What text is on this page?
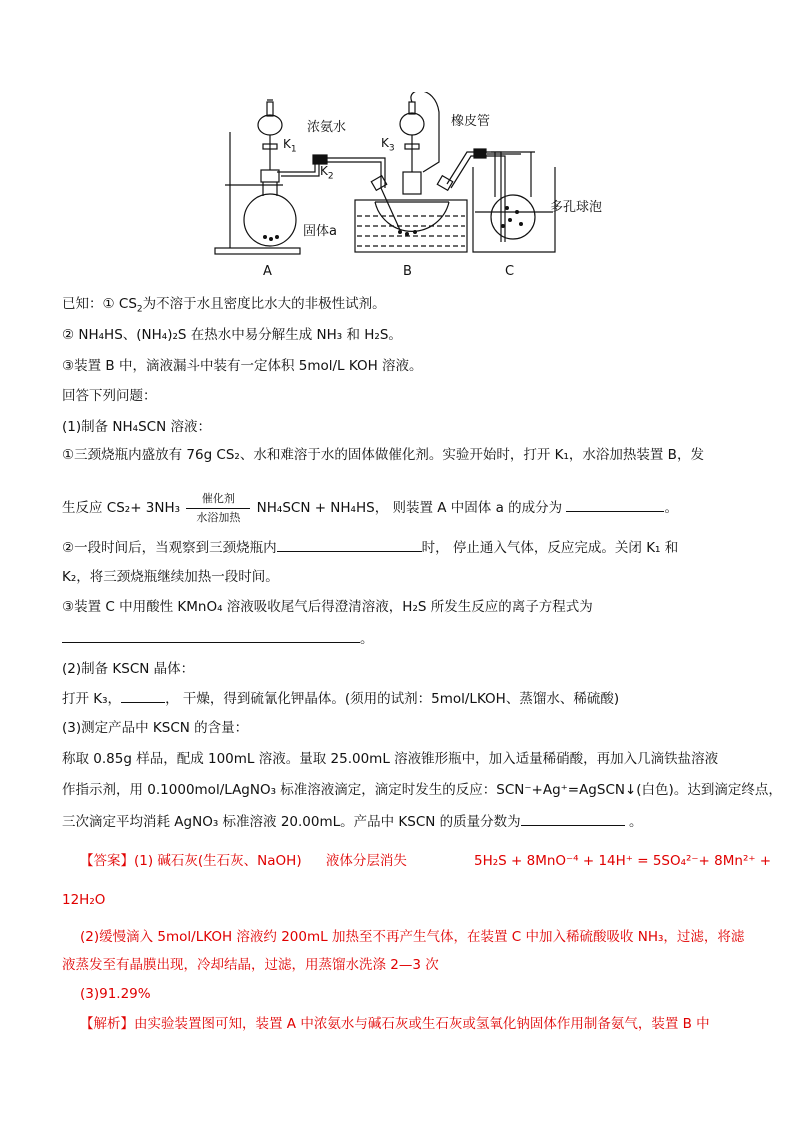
浓氨水
$K_1$
$K_2$
$K_3$
橡皮管
固体a
多孔球泡
A	B	C
已知：① $CS_2$为不溶于水且密度比水大的非极性试剂。
② NH₄HS、(NH₄)₂S 在热水中易分解生成 NH₃ 和 H₂S。
③装置 B 中，滴液漏斗中装有一定体积 5mol/L KOH 溶液。
回答下列问题：
(1)制备 NH₄SCN 溶液：
①三颈烧瓶内盛放有 76g CS₂、水和难溶于水的固体做催化剂。实验开始时，打开 K₁，水浴加热装置 B，发
生反应 $CS_2+ 3NH_3 \frac{\text{催化剂}}{\text{水浴加热}} NH_4SCN + NH_4HS$， 则装置 A 中固体 a 的成分为	。
②一段时间后，当观察到三颈烧瓶内	时， 停止通入气体，反应完成。关闭 K₁ 和
K₂，将三颈烧瓶继续加热一段时间。
③装置 C 中用酸性 KMnO₄ 溶液吸收尾气后得澄清溶液，H₂S 所发生反应的离子方程式为
。
(2)制备 KSCN 晶体：
打开 K₃，	， 干燥，得到硫氰化钾晶体。(须用的试剂：5mol/LKOH、蒸馏水、稀硫酸)
(3)测定产品中 KSCN 的含量：
称取 0.85g 样品，配成 100mL 溶液。量取 25.00mL 溶液锥形瓶中，加入适量稀硝酸，再加入几滴铁盐溶液
作指示剂，用 0.1000mol/LAgNO₃ 标准溶液滴定，滴定时发生的反应：SCN⁻+Ag⁺=AgSCN↓(白色)。达到滴定终点，
三次滴定平均消耗 AgNO₃ 标准溶液 20.00mL。产品中 KSCN 的质量分数为	。
【答案】(1) 碱石灰(生石灰、NaOH) 液体分层消失	5H₂S + 8MnO⁻⁴ + 14H⁺ = 5SO₄²⁻+ 8Mn²⁺ +
12H₂O
(2)缓慢滴入 5mol/LKOH 溶液约 200mL 加热至不再产生气体，在装置 C 中加入稀硫酸吸收 NH₃，过滤，将滤
液蒸发至有晶膜出现，冷却结晶，过滤，用蒸馏水洗涤 2—3 次
(3)91.29%
【解析】由实验装置图可知，装置 A 中浓氨水与碱石灰或生石灰或氢氧化钠固体作用制备氨气，装置 B 中
